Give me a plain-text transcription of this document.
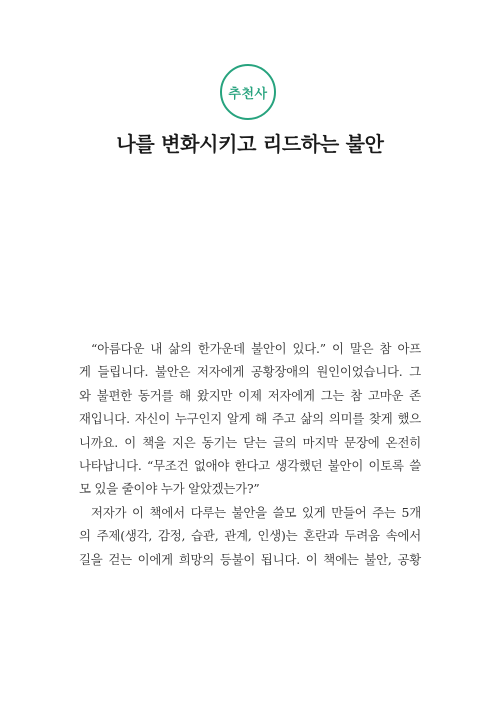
추천사
나를 변화시키고 리드하는 불안
“아름다운 내 삶의 한가운데 불안이 있다.” 이 말은 참 아프
게 들립니다. 불안은 저자에게 공황장애의 원인이었습니다. 그
와 불편한 동거를 해 왔지만 이제 저자에게 그는 참 고마운 존
재입니다. 자신이 누구인지 알게 해 주고 삶의 의미를 찾게 했으
니까요. 이 책을 지은 동기는 닫는 글의 마지막 문장에 온전히
나타납니다. “무조건 없애야 한다고 생각했던 불안이 이토록 쓸
모 있을 줄이야 누가 알았겠는가?”
저자가 이 책에서 다루는 불안을 쓸모 있게 만들어 주는 5개
의 주제(생각, 감정, 습관, 관계, 인생)는 혼란과 두려움 속에서
길을 걷는 이에게 희망의 등불이 됩니다. 이 책에는 불안, 공황
